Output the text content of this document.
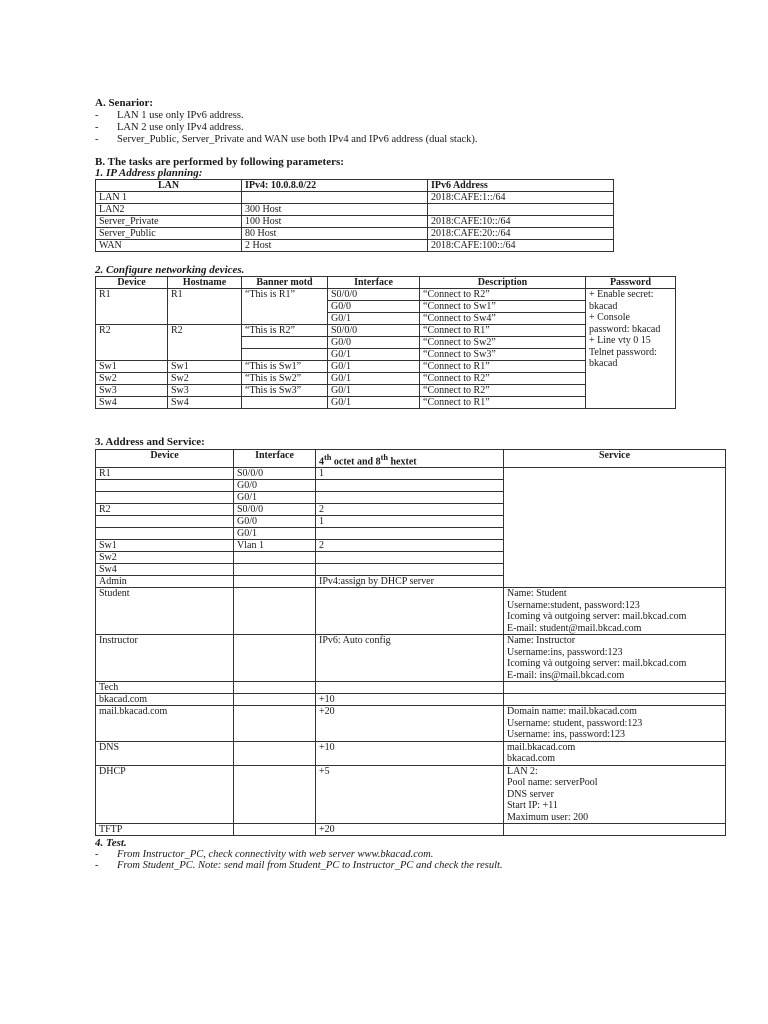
A. Senarior:
- LAN 1 use only IPv6 address.
- LAN 2 use only IPv4 address.
- Server_Public, Server_Private and WAN use both IPv4 and IPv6 address (dual stack).
B. The tasks are performed by following parameters:
1. IP Address planning:
LAN	IPv4: 10.0.8.0/22	IPv6 Address
LAN 1		2018:CAFE:1::/64
LAN2	300 Host	
Server_Private	100 Host	2018:CAFE:10::/64
Server_Public	80 Host	2018:CAFE:20::/64
WAN	2 Host	2018:CAFE:100::/64
2. Configure networking devices.
Device	Hostname	Banner motd	Interface	Description	Password
R1	R1	“This is R1”	S0/0/0	“Connect to R2”	+ Enable secret: bkacad
+ Console password: bkacad
+ Line vty 0 15
Telnet password: bkacad

			G0/0	“Connect to Sw1”	
			G0/1	“Connect to Sw4”	
R2	R2	“This is R2”	S0/0/0	“Connect to R1”	
			G0/0	“Connect to Sw2”	
			G0/1	“Connect to Sw3”	
Sw1	Sw1	“This is Sw1”	G0/1	“Connect to R1”	
Sw2	Sw2	“This is Sw2”	G0/1	“Connect to R2”	
Sw3	Sw3	“This is Sw3”	G0/1	“Connect to R2”	
Sw4	Sw4		G0/1	“Connect to R1”	
3. Address and Service:
Device	Interface	4th octet and 8th hextet	Service
R1	S0/0/0	1	
	G0/0		
	G0/1		
R2	S0/0/0	2	
	G0/0	1	
	G0/1		
Sw1	Vlan 1	2	
Sw2			
Sw4			
Admin		IPv4:assign by DHCP server	
Student			Name: Student
Username:student, password:123
Icoming và outgoing server: mail.bkcad.com
E-mail: student@mail.bkcad.com

Instructor		IPv6: Auto config	Name: Instructor
Username:ins, password:123
Icoming và outgoing server: mail.bkcad.com
E-mail: ins@mail.bkcad.com

Tech			
bkacad.com		+10	
mail.bkacad.com		+20	Domain name: mail.bkacad.com
Username: student, password:123
Username: ins, password:123

DNS		+10	mail.bkacad.com
bkacad.com

DHCP		+5	LAN 2:
Pool name: serverPool
DNS server
Start IP: +11
Maximum user: 200

TFTP		+20	
4. Test.
- From Instructor_PC, check connectivity with web server www.bkacad.com.
- From Student_PC. Note: send mail from Student_PC to Instructor_PC and check the result.
